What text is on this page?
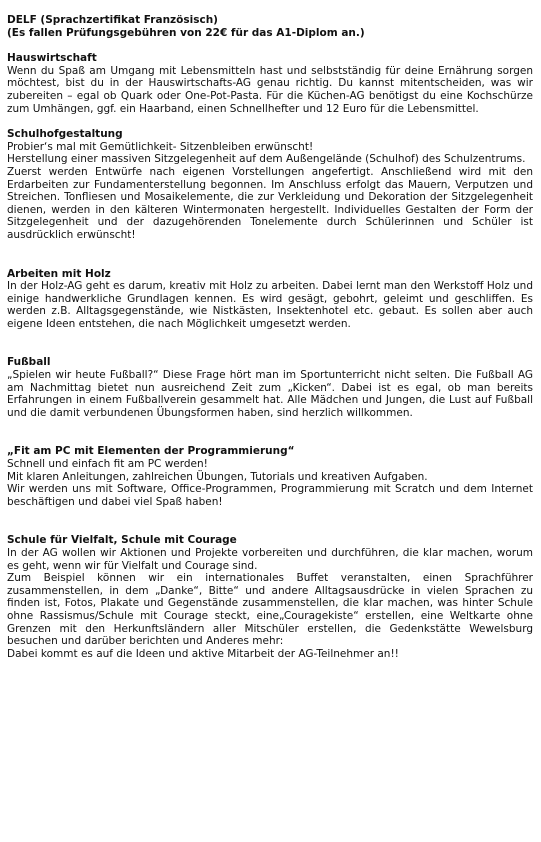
DELF (Sprachzertifikat Französisch)

(Es fallen Prüfungsgebühren von 22€ für das A1-Diplom an.)

Hauswirtschaft

Wenn du Spaß am Umgang mit Lebensmitteln hast und selbstständig für deine Ernährung sorgen möchtest, bist du in der Hauswirtschafts-AG genau richtig. Du kannst mitentscheiden, was wir zubereiten – egal ob Quark oder One-Pot-Pasta. Für die Küchen-AG benötigst du eine Kochschürze zum Umhängen, ggf. ein Haarband, einen Schnellhefter und 12 Euro für die Lebensmittel.

Schulhofgestaltung

Probier‘s mal mit Gemütlichkeit- Sitzenbleiben erwünscht!

Herstellung einer massiven Sitzgelegenheit auf dem Außengelände (Schulhof) des Schulzentrums.

Zuerst werden Entwürfe nach eigenen Vorstellungen angefertigt. Anschließend wird mit den Erdarbeiten zur Fundamenterstellung begonnen. Im Anschluss erfolgt das Mauern, Verputzen und Streichen. Tonfliesen und Mosaikelemente, die zur Verkleidung und Dekoration der Sitzgelegenheit dienen, werden in den kälteren Wintermonaten hergestellt. Individuelles Gestalten der Form der Sitzgelegenheit und der dazugehörenden Tonelemente durch Schülerinnen und Schüler ist ausdrücklich erwünscht!

Arbeiten mit Holz

In der Holz-AG geht es darum, kreativ mit Holz zu arbeiten. Dabei lernt man den Werkstoff Holz und einige handwerkliche Grundlagen kennen. Es wird gesägt, gebohrt, geleimt und geschliffen. Es werden z.B. Alltagsgegenstände, wie Nistkästen, Insektenhotel etc. gebaut. Es sollen aber auch eigene Ideen entstehen, die nach Möglichkeit umgesetzt werden.

Fußball

„Spielen wir heute Fußball?“ Diese Frage hört man im Sportunterricht nicht selten. Die Fußball AG am Nachmittag bietet nun ausreichend Zeit zum „Kicken“. Dabei ist es egal, ob man bereits Erfahrungen in einem Fußballverein gesammelt hat. Alle Mädchen und Jungen, die Lust auf Fußball und die damit verbundenen Übungsformen haben, sind herzlich willkommen.

„Fit am PC mit Elementen der Programmierung“

Schnell und einfach fit am PC werden!

Mit klaren Anleitungen, zahlreichen Übungen, Tutorials und kreativen Aufgaben.

Wir werden uns mit Software, Office-Programmen, Programmierung mit Scratch und dem Internet beschäftigen und dabei viel Spaß haben!

Schule für Vielfalt, Schule mit Courage

In der AG wollen wir Aktionen und Projekte vorbereiten und durchführen, die klar machen, worum es geht, wenn wir für Vielfalt und Courage sind.

Zum Beispiel können wir ein internationales Buffet veranstalten, einen Sprachführer zusammenstellen, in dem „Danke“, Bitte“ und andere Alltagsausdrücke in vielen Sprachen zu finden ist, Fotos, Plakate und Gegenstände zusammenstellen, die klar machen, was hinter Schule ohne Rassismus/Schule mit Courage steckt, eine„Couragekiste“ erstellen, eine Weltkarte ohne Grenzen mit den Herkunftsländern aller Mitschüler erstellen, die Gedenkstätte Wewelsburg besuchen und darüber berichten und Anderes mehr:

Dabei kommt es auf die Ideen und aktive Mitarbeit der AG-Teilnehmer an!!
